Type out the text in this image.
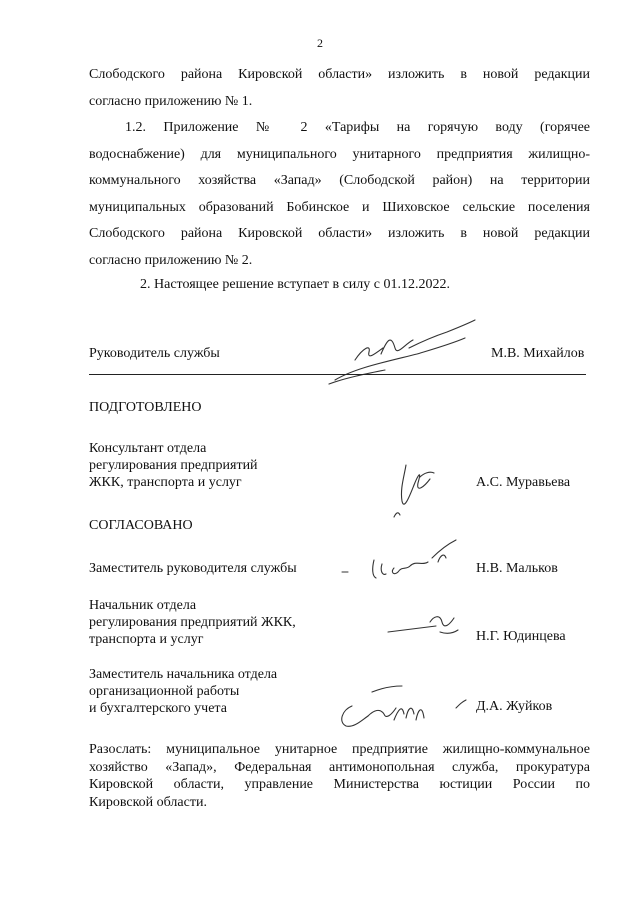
2
Слободского района Кировской области» изложить в новой редакции
согласно приложению № 1.
1.2. Приложение № 2 «Тарифы на горячую воду (горячее
водоснабжение) для муниципального унитарного предприятия жилищно-
коммунального хозяйства «Запад» (Слободской район) на территории
муниципальных образований Бобинское и Шиховское сельские поселения
Слободского района Кировской области» изложить в новой редакции
согласно приложению № 2.
2. Настоящее решение вступает в силу с 01.12.2022.
Руководитель службы	М.В. Михайлов
ПОДГОТОВЛЕНО
Консультант отдела
регулирования предприятий
ЖКК, транспорта и услуг	А.С. Муравьева
СОГЛАСОВАНО
Заместитель руководителя службы	Н.В. Мальков
Начальник отдела
регулирования предприятий ЖКК,
транспорта и услуг	Н.Г. Юдинцева
Заместитель начальника отдела
организационной работы
и бухгалтерского учета	Д.А. Жуйков
Разослать: муниципальное унитарное предприятие жилищно-коммунальное
хозяйство «Запад», Федеральная антимонопольная служба, прокуратура
Кировской области, управление Министерства юстиции России по
Кировской области.
